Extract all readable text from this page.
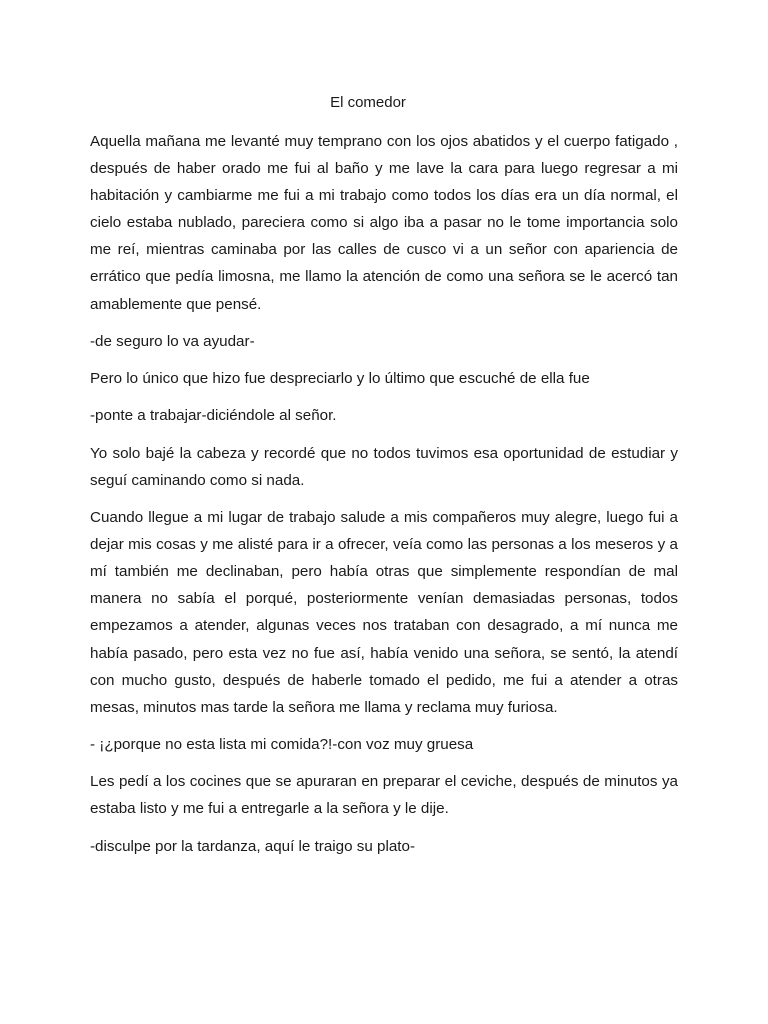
El comedor

Aquella mañana me levanté muy temprano con los ojos abatidos y el cuerpo fatigado , después de haber orado me fui al baño y me lave la cara para luego regresar a mi habitación y cambiarme me fui a mi trabajo como todos los días era un día normal, el cielo estaba nublado, pareciera como si algo iba a pasar no le tome importancia solo me reí, mientras caminaba por las calles de cusco vi a un señor con apariencia de errático que pedía limosna, me llamo la atención de como una señora se le acercó tan amablemente que pensé.

-de seguro lo va ayudar-

Pero lo único que hizo fue despreciarlo y lo último que escuché de ella fue

-ponte a trabajar-diciéndole al señor.

Yo solo bajé la cabeza y recordé que no todos tuvimos esa oportunidad de estudiar y seguí caminando como si nada.

Cuando llegue a mi lugar de trabajo salude a mis compañeros muy alegre, luego fui a dejar mis cosas y me alisté para ir a ofrecer, veía como las personas a los meseros y a mí también me declinaban, pero había otras que simplemente respondían de mal manera no sabía el porqué, posteriormente venían demasiadas personas, todos empezamos a atender, algunas veces nos trataban con desagrado, a mí nunca me había pasado, pero esta vez no fue así, había venido una señora, se sentó, la atendí con mucho gusto, después de haberle tomado el pedido, me fui a atender a otras mesas, minutos mas tarde la señora me llama y reclama muy furiosa.

- ¡¿porque no esta lista mi comida?!-con voz muy gruesa

Les pedí a los cocines que se apuraran en preparar el ceviche, después de minutos ya estaba listo y me fui a entregarle a la señora y le dije.

-disculpe por la tardanza, aquí le traigo su plato-
